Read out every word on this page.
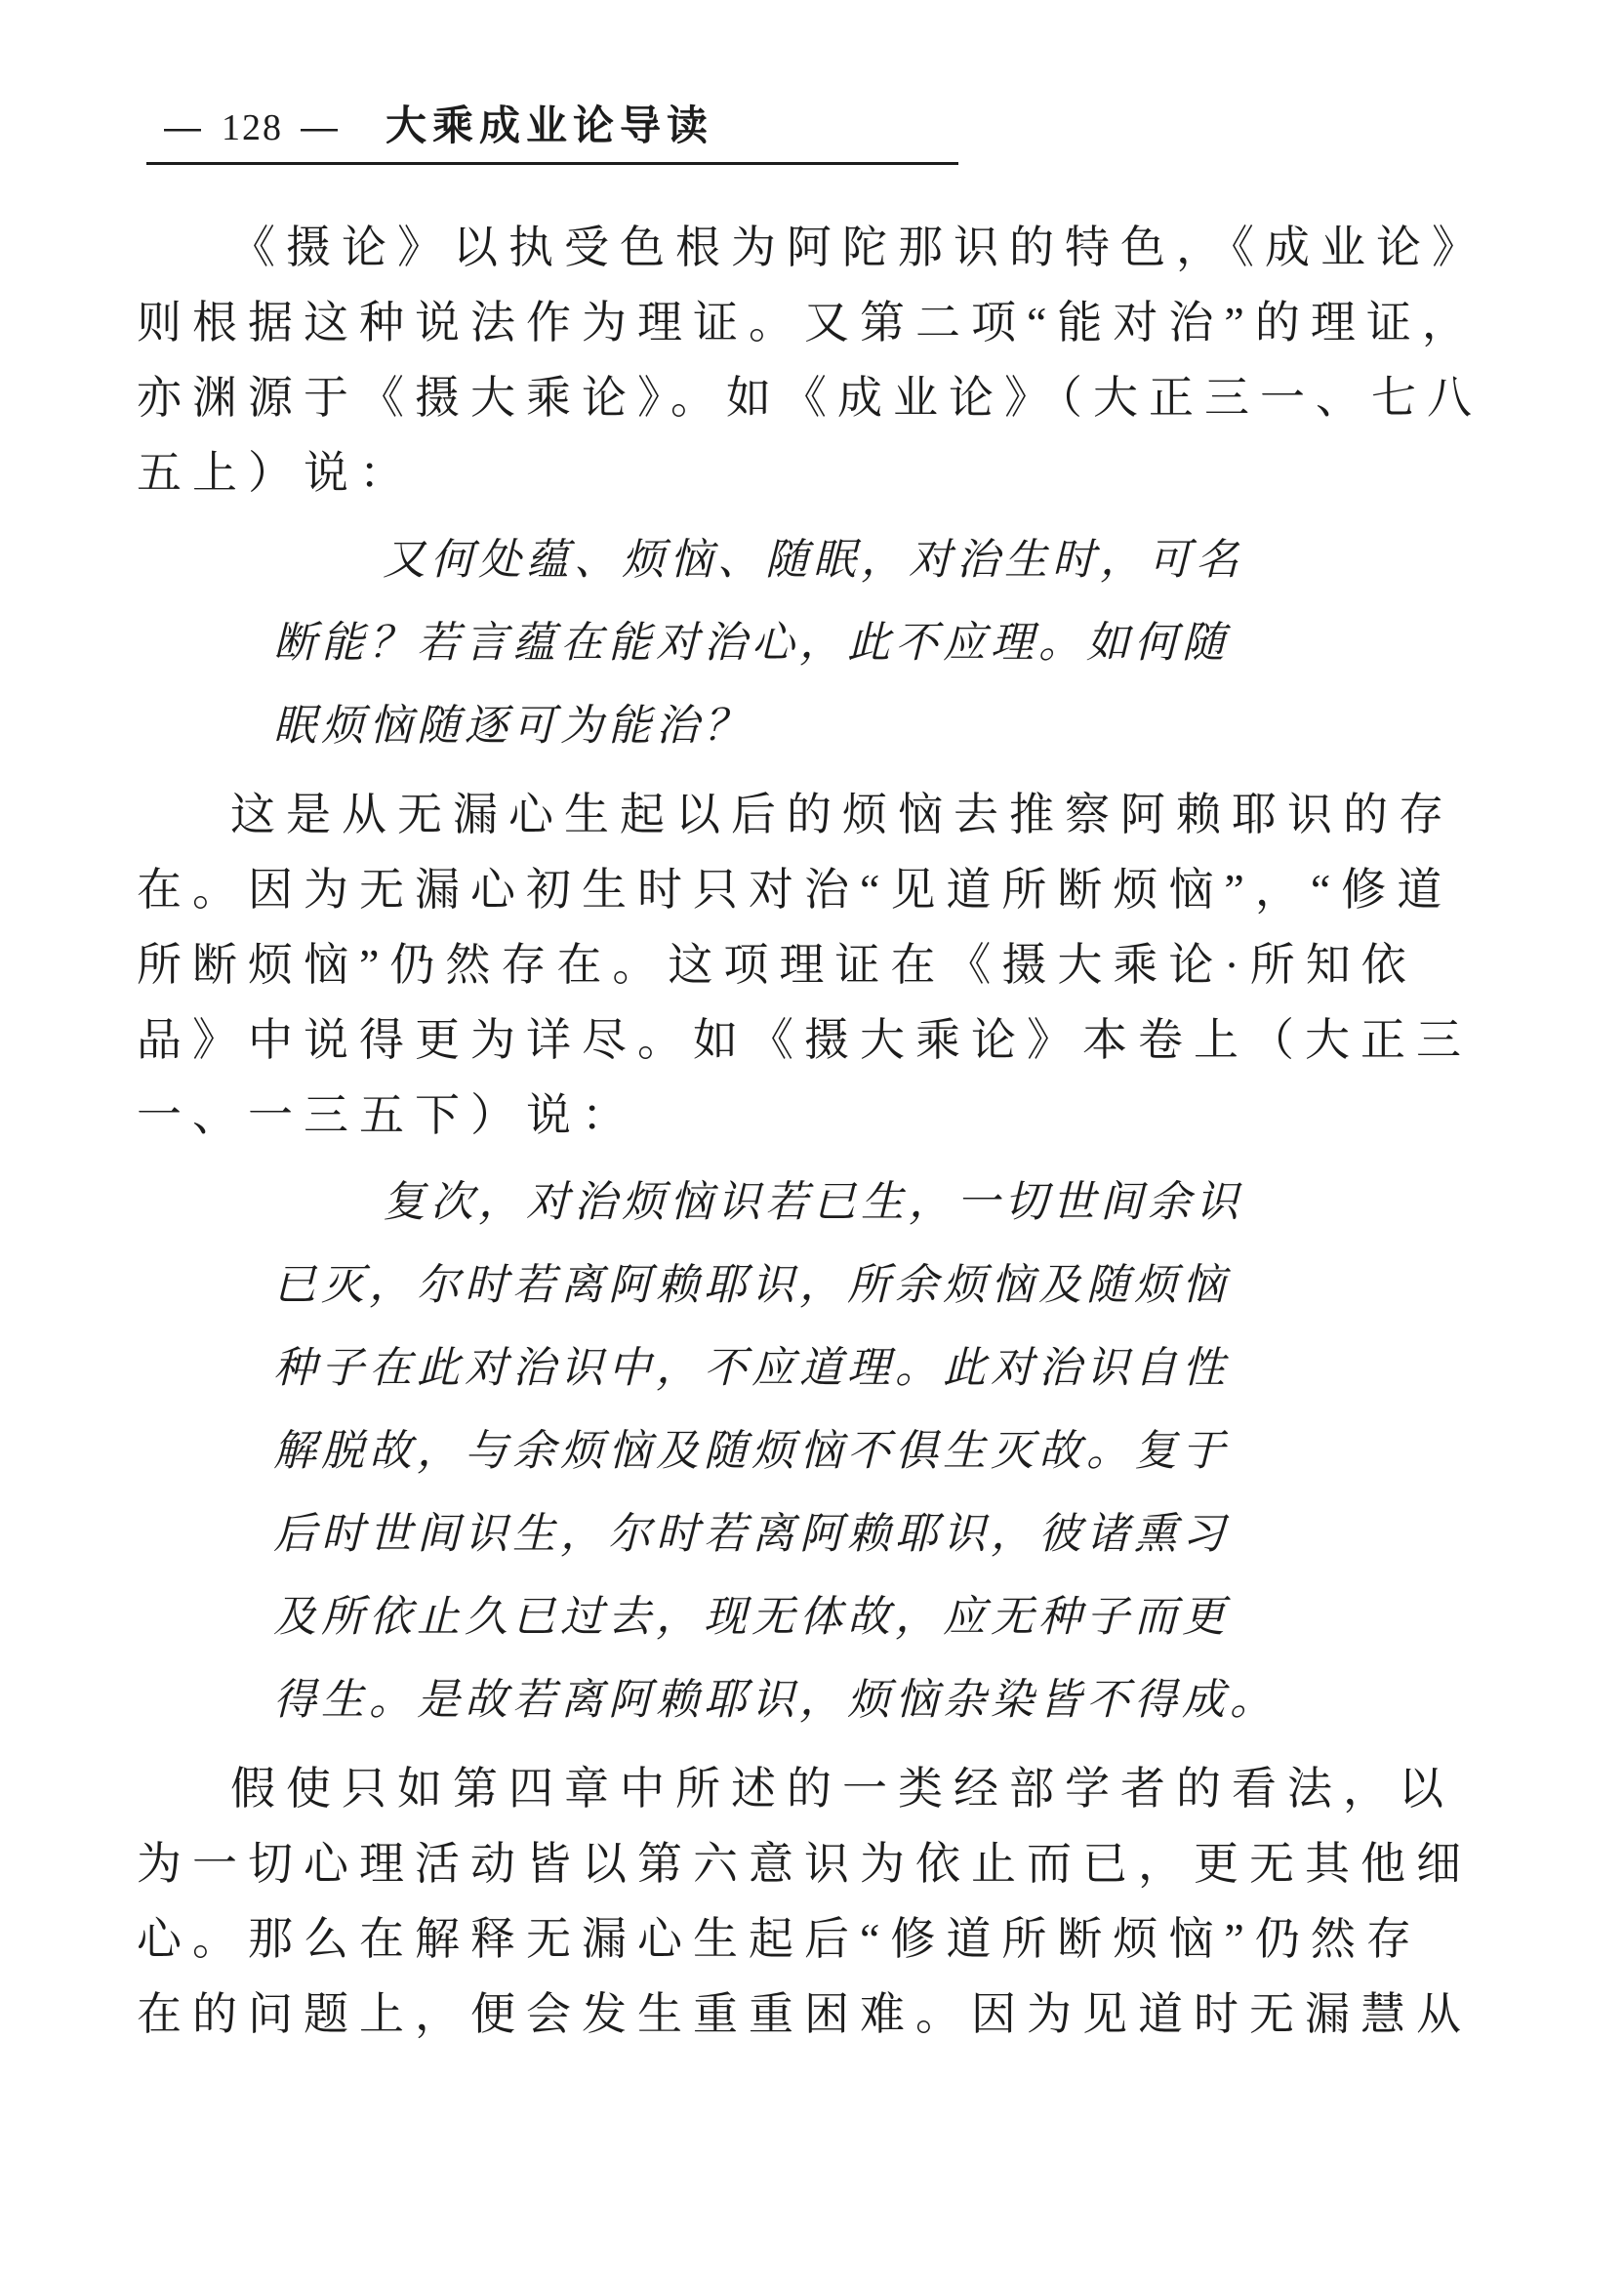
— 128 — 大乘成业论导读
《摄论》以执受色根为阿陀那识的特色，《成业论》
则根据这种说法作为理证。又第二项“能对治”的理证，
亦渊源于《摄大乘论》。如《成业论》（大正三一、七八
五上）说：
又何处蕴、烦恼、随眠，对治生时，可名
断能？若言蕴在能对治心，此不应理。如何随
眠烦恼随逐可为能治？
这是从无漏心生起以后的烦恼去推察阿赖耶识的存
在。因为无漏心初生时只对治“见道所断烦恼”，“修道
所断烦恼”仍然存在。这项理证在《摄大乘论·所知依
品》中说得更为详尽。如《摄大乘论》本卷上（大正三
一、一三五下）说：
复次，对治烦恼识若已生，一切世间余识
已灭，尔时若离阿赖耶识，所余烦恼及随烦恼
种子在此对治识中，不应道理。此对治识自性
解脱故，与余烦恼及随烦恼不俱生灭故。复于
后时世间识生，尔时若离阿赖耶识，彼诸熏习
及所依止久已过去，现无体故，应无种子而更
得生。是故若离阿赖耶识，烦恼杂染皆不得成。
假使只如第四章中所述的一类经部学者的看法，以
为一切心理活动皆以第六意识为依止而已，更无其他细
心。那么在解释无漏心生起后“修道所断烦恼”仍然存
在的问题上，便会发生重重困难。因为见道时无漏慧从
